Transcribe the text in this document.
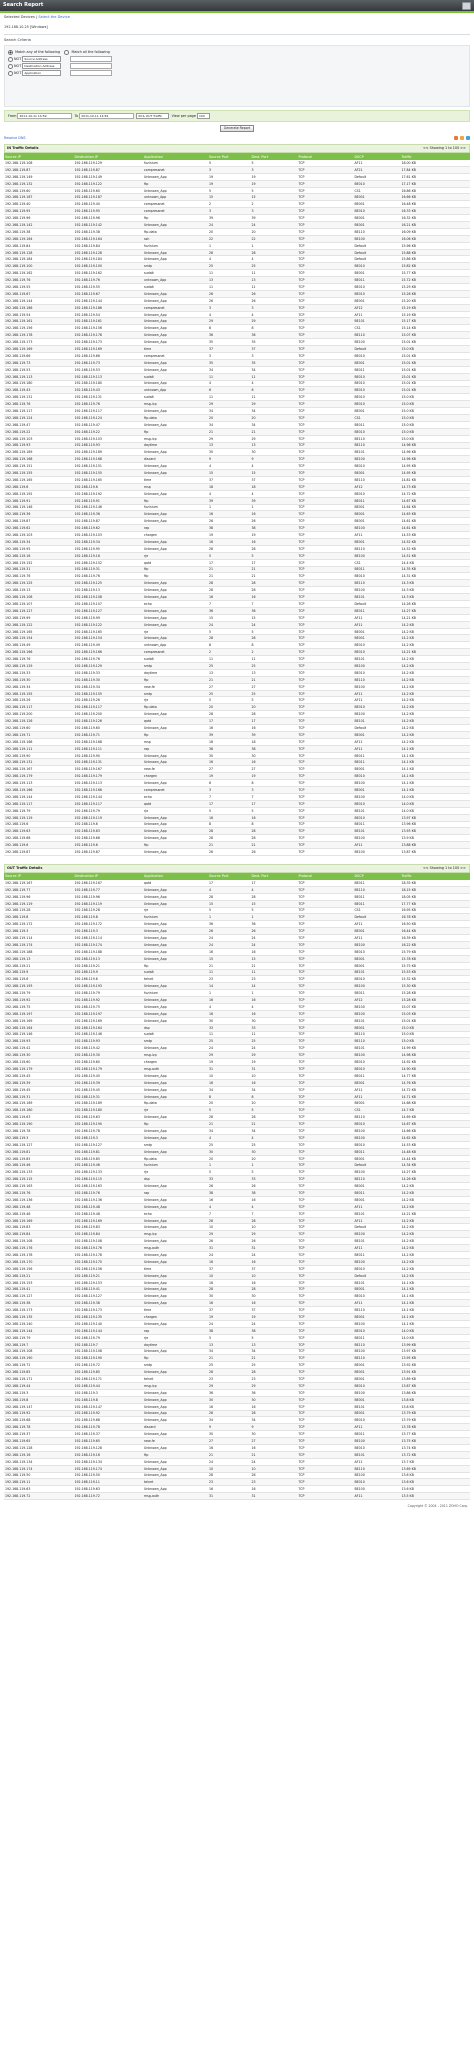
Search Report
Selected Devices | Select the Device
192.168.10.25 [Windows]
Search Criteria
Match any of the following	Match all the following
NOT Source Address
NOT Destination Address
NOT Application
From 2011-10-11 14:59	To 2011-10-11 14:59	IN & OUT Traffic	View per page 100
Generate Report
Resolve DNS

IN Traffic Details	<< Showing 1 to 100 >>
Source IP	Destination IP	Application	Source Port	Dest. Port	Protocol	DSCP	Traffic
192.168.119.108	192.168.119.129	fuzinium	5	5	TCP	AF11	18.00 KB
192.168.119.87	192.168.119.87	compressnet	3	3	TCP	AF21	17.84 KB
192.168.119.149	192.168.119.149	Unknown_App	19	19	TCP	Default	17.61 KB
192.168.119.132	192.168.119.122	ftp	19	19	TCP	BE010	17.17 KB
192.168.119.60	192.168.119.60	Unknown_App	5	5	TCP	CS1	16.86 KB
192.168.119.187	192.168.119.187	unknown_App	15	15	TCP	BE001	16.66 KB
192.168.119.40	192.168.119.40	compressnet	2	2	TCP	BE001	16.48 KB
192.168.119.95	192.168.119.95	compressnet	3	3	TCP	BE010	16.33 KB
192.168.119.96	192.168.119.96	ftp	39	39	TCP	BE001	16.32 KB
192.168.119.142	192.168.119.142	Unknown_App	24	24	TCP	BE001	16.21 KB
192.168.119.38	192.168.119.38	ftp-data	20	20	TCP	BE110	16.09 KB
192.168.119.164	192.168.119.164	ssh	22	22	TCP	BE100	16.06 KB
192.168.119.84	192.168.119.84	fuzinium	1	1	TCP	Default	15.96 KB
192.168.119.128	192.168.119.128	Unknown_App	28	28	TCP	Default	15.88 KB
192.168.119.184	192.168.119.184	Unknown_App	4	4	TCP	Default	15.86 KB
192.168.119.100	192.168.119.100	smtp	25	25	TCP	BE010	15.82 KB
192.168.119.162	192.168.119.162	sudalt	11	11	TCP	BE001	15.77 KB
192.168.119.76	192.168.119.76	unknown_App	13	13	TCP	BE011	15.72 KB
192.168.119.55	192.168.119.55	sudalt	11	11	TCP	BE010	15.29 KB
192.168.119.67	192.168.119.67	Unknown_App	26	26	TCP	BE010	15.28 KB
192.168.119.144	192.168.119.144	Unknown_App	26	26	TCP	BE001	15.20 KB
192.168.119.186	192.168.119.186	compressnet	3	3	TCP	AF12	15.19 KB
192.168.119.54	192.168.119.54	Unknown_App	4	4	TCP	AF11	15.19 KB
192.168.119.161	192.168.119.161	Unknown_App	29	29	TCP	BE101	15.17 KB
192.168.119.156	192.168.119.156	Unknown_App	8	8	TCP	CS1	15.14 KB
192.168.119.178	192.168.119.178	Unknown_App	36	36	TCP	BE110	15.07 KB
192.168.119.173	192.168.119.173	Unknown_App	35	35	TCP	BE100	15.01 KB
192.168.119.169	192.168.119.169	time	37	37	TCP	Default	15.0 KB
192.168.119.66	192.168.119.66	compressnet	3	3	TCP	BE010	15.01 KB
192.168.119.73	192.168.119.73	Unknown_App	35	35	TCP	BE001	15.01 KB
192.168.119.53	192.168.119.53	Unknown_App	34	34	TCP	BE011	15.01 KB
192.168.119.113	192.168.119.113	sudalt	11	11	TCP	BE010	15.01 KB
192.168.119.180	192.168.119.180	Unknown_App	4	4	TCP	BE010	15.01 KB
192.168.119.43	192.168.119.43	unknown_App	6	6	TCP	BE010	15.01 KB
192.168.119.131	192.168.119.131	sudalt	11	11	TCP	BE010	15.0 KB
192.168.119.76	192.168.119.76	msg-icp	29	29	TCP	BE010	15.0 KB
192.168.119.117	192.168.119.117	Unknown_App	34	34	TCP	BE001	15.0 KB
192.168.119.124	192.168.119.124	ftp-data	20	20	TCP	CS1	15.0 KB
192.168.119.47	192.168.119.47	Unknown_App	34	34	TCP	BE011	15.0 KB
192.168.119.22	192.168.119.22	ftp	21	21	TCP	BE010	15.0 KB
192.168.119.103	192.168.119.103	msg-icp	29	29	TCP	BE110	15.0 KB
192.168.119.93	192.168.119.93	daytime	13	13	TCP	BE110	14.98 KB
192.168.119.189	192.168.119.189	Unknown_App	30	30	TCP	BE101	14.96 KB
192.168.119.168	192.168.119.168	discard	9	9	TCP	BE100	14.96 KB
192.168.119.151	192.168.119.151	Unknown_App	4	4	TCP	BE010	14.95 KB
192.168.119.155	192.168.119.155	Unknown_App	15	15	TCP	BE001	14.95 KB
192.168.119.165	192.168.119.165	time	37	37	TCP	BE110	14.81 KB
192.168.119.6	192.168.119.6	msp	18	18	TCP	AF12	14.73 KB
192.168.119.192	192.168.119.192	Unknown_App	4	4	TCP	BE010	14.72 KB
192.168.119.91	192.168.119.91	ftp	39	39	TCP	BE011	14.67 KB
192.168.119.146	192.168.119.146	fuzinium	1	1	TCP	BE001	14.64 KB
192.168.119.36	192.168.119.36	Unknown_App	16	16	TCP	BE001	14.63 KB
192.168.119.87	192.168.119.87	Unknown_App	26	26	TCP	BE001	14.61 KB
192.168.119.62	192.168.119.62	rap	38	38	TCP	BE100	14.61 KB
192.168.119.103	192.168.119.103	chargen	19	19	TCP	AF11	14.53 KB
192.168.119.34	192.168.119.34	Unknown_App	16	16	TCP	BE001	14.52 KB
192.168.119.95	192.168.119.95	Unknown_App	28	28	TCP	BE110	14.52 KB
192.168.119.16	192.168.119.16	rje	5	5	TCP	BE100	14.51 KB
192.168.119.152	192.168.119.152	qotd	17	17	TCP	CS1	14.4 KB
192.168.119.31	192.168.119.31	ftp	21	21	TCP	BE011	14.35 KB
192.168.119.76	192.168.119.76	ftp	21	21	TCP	BE010	14.31 KB
192.168.119.125	192.168.119.125	Unknown_App	28	28	TCP	BE110	14.3 KB
192.168.119.13	192.168.119.13	Unknown_App	28	28	TCP	BE100	14.3 KB
192.168.119.108	192.168.119.108	Unknown_App	16	16	TCP	BE101	14.3 KB
192.168.119.107	192.168.119.107	echo	7	7	TCP	Default	14.28 KB
192.168.119.127	192.168.119.127	Unknown_App	36	36	TCP	BE011	14.27 KB
192.168.119.99	192.168.119.99	Unknown_App	15	15	TCP	AF11	14.21 KB
192.168.119.122	192.168.119.122	Unknown_App	24	24	TCP	AF11	14.2 KB
192.168.119.165	192.168.119.165	rje	5	5	TCP	BE001	14.2 KB
192.168.119.154	192.168.119.154	Unknown_App	28	28	TCP	BE001	14.2 KB
192.168.119.49	192.168.119.49	unknown_App	8	8	TCP	BE010	14.2 KB
192.168.119.166	192.168.119.166	compressnet	2	2	TCP	BE010	14.21 KB
192.168.119.76	192.168.119.76	sudalt	11	11	TCP	BE101	14.2 KB
192.168.119.129	192.168.119.129	smtp	25	25	TCP	BE100	14.2 KB
192.168.119.33	192.168.119.33	daytime	13	13	TCP	BE010	14.2 KB
192.168.119.30	192.168.119.30	ftp	21	21	TCP	BE110	14.2 KB
192.168.119.34	192.168.119.34	new-fe	27	27	TCP	BE100	14.2 KB
192.168.119.155	192.168.119.155	smtp	25	25	TCP	AF11	14.2 KB
192.168.119.26	192.168.119.26	rje	5	5	TCP	AF11	14.2 KB
192.168.119.117	192.168.119.117	ftp-data	20	20	TCP	BE010	14.2 KB
192.168.119.200	192.168.119.200	Unknown_App	28	28	TCP	BE100	14.2 KB
192.168.119.126	192.168.119.126	qotd	17	17	TCP	BE101	14.2 KB
192.168.119.60	192.168.119.60	Unknown_App	16	16	TCP	Default	14.2 KB
192.168.119.71	192.168.119.71	ftp	39	39	TCP	BE001	14.2 KB
192.168.119.168	192.168.119.168	msp	18	18	TCP	AF11	14.2 KB
192.168.119.111	192.168.119.111	rap	38	38	TCP	AF11	14.1 KB
192.168.119.90	192.168.119.90	Unknown_App	30	30	TCP	BE011	14.1 KB
192.168.119.131	192.168.119.131	Unknown_App	16	16	TCP	BE011	14.1 KB
192.168.119.167	192.168.119.167	new-fe	27	27	TCP	BE001	14.1 KB
192.168.119.179	192.168.119.179	chargen	19	19	TCP	BE010	14.1 KB
192.168.119.113	192.168.119.113	Unknown_App	8	8	TCP	BE100	14.1 KB
192.168.119.166	192.168.119.166	compressnet	3	3	TCP	BE001	14.1 KB
192.168.119.144	192.168.119.144	echo	7	7	TCP	BE100	14.0 KB
192.168.119.117	192.168.119.117	qotd	17	17	TCP	BE010	14.0 KB
192.168.119.79	192.168.119.79	rje	5	5	TCP	BE101	14.0 KB
192.168.119.119	192.168.119.119	Unknown_App	16	16	TCP	BE010	13.97 KB
192.168.119.6	192.168.119.6	Unknown_App	8	8	TCP	BE011	13.96 KB
192.168.119.63	192.168.119.63	Unknown_App	28	28	TCP	BE101	13.93 KB
192.168.119.68	192.168.119.68	Unknown_App	28	28	TCP	BE100	13.9 KB
192.168.119.6	192.168.119.6	ftp	21	21	TCP	AF11	13.88 KB
192.168.119.87	192.168.119.87	Unknown_App	26	26	TCP	BE100	13.87 KB
OUT Traffic Details	<< Showing 1 to 100 >>
Source IP	Destination IP	Application	Source Port	Dest. Port	Protocol	DSCP	Traffic
192.168.119.167	192.168.119.167	qotd	17	17	TCP	BE011	18.35 KB
192.168.119.77	192.168.119.77	Unknown_App	4	4	TCP	BE110	18.15 KB
192.168.119.96	192.168.119.96	Unknown_App	28	28	TCP	BE011	18.05 KB
192.168.119.119	192.168.119.119	Unknown_App	15	15	TCP	BE011	17.77 KB
192.168.119.28	192.168.119.28	rje	5	5	TCP	CS1	16.95 KB
192.168.119.8	192.168.119.8	fuzinium	1	1	TCP	Default	16.78 KB
192.168.119.172	192.168.119.172	Unknown_App	36	36	TCP	AF11	16.50 KB
192.168.119.3	192.168.119.3	Unknown_App	26	26	TCP	BE001	16.44 KB
192.168.119.114	192.168.119.114	Unknown_App	24	24	TCP	AF11	16.39 KB
192.168.119.174	192.168.119.174	Unknown_App	24	24	TCP	BE100	16.22 KB
192.168.119.188	192.168.119.188	Unknown_App	16	16	TCP	BE010	15.79 KB
192.168.119.13	192.168.119.13	Unknown_App	15	15	TCP	BE001	15.78 KB
192.168.119.21	192.168.119.21	ftp	21	21	TCP	BE001	15.75 KB
192.168.119.9	192.168.119.9	sudalt	11	11	TCP	BE101	15.53 KB
192.168.119.6	192.168.119.6	telnet	23	23	TCP	BE010	15.32 KB
192.168.119.193	192.168.119.193	Unknown_App	14	14	TCP	BE100	15.30 KB
192.168.119.79	192.168.119.79	fuzinium	1	1	TCP	BE011	15.28 KB
192.168.119.92	192.168.119.92	Unknown_App	16	16	TCP	AF12	15.28 KB
192.168.119.75	192.168.119.75	Unknown_App	4	4	TCP	BE100	15.07 KB
192.168.119.197	192.168.119.197	Unknown_App	16	16	TCP	BE100	15.03 KB
192.168.119.169	192.168.119.169	Unknown_App	30	30	TCP	BE101	15.01 KB
192.168.119.164	192.168.119.164	dsp	33	33	TCP	BE001	15.0 KB
192.168.119.146	192.168.119.146	sudalt	11	11	TCP	BE110	15.0 KB
192.168.119.93	192.168.119.93	smtp	25	25	TCP	BE110	15.0 KB
192.168.119.42	192.168.119.42	Unknown_App	24	24	TCP	BE101	14.99 KB
192.168.119.30	192.168.119.30	msg-icp	29	29	TCP	BE100	14.98 KB
192.168.119.60	192.168.119.60	chargen	19	19	TCP	BE010	14.92 KB
192.168.119.179	192.168.119.179	msg-auth	31	31	TCP	BE010	14.90 KB
192.168.119.45	192.168.119.45	Unknown_App	10	10	TCP	BE011	14.77 KB
192.168.119.39	192.168.119.39	Unknown_App	16	16	TCP	BE001	14.76 KB
192.168.119.45	192.168.119.45	Unknown_App	34	34	TCP	AF11	14.72 KB
192.168.119.31	192.168.119.31	Unknown_App	8	8	TCP	AF11	14.71 KB
192.168.119.189	192.168.119.189	ftp-data	20	20	TCP	BE001	14.68 KB
192.168.119.180	192.168.119.180	rje	5	5	TCP	CS1	14.7 KB
192.168.119.63	192.168.119.63	Unknown_App	28	28	TCP	BE110	14.69 KB
192.168.119.190	192.168.119.190	ftp	21	21	TCP	BE010	14.67 KB
192.168.119.78	192.168.119.78	Unknown_App	34	34	TCP	BE100	14.66 KB
192.168.119.3	192.168.119.3	Unknown_App	4	4	TCP	BE100	14.62 KB
192.168.119.127	192.168.119.127	smtp	25	25	TCP	BE010	14.53 KB
192.168.119.81	192.168.119.81	Unknown_App	30	30	TCP	BE011	14.48 KB
192.168.119.85	192.168.119.85	ftp-data	20	20	TCP	BE001	14.44 KB
192.168.119.46	192.168.119.46	fuzinium	1	1	TCP	Default	14.34 KB
192.168.119.133	192.168.119.133	rje	5	5	TCP	BE100	14.27 KB
192.168.119.115	192.168.119.115	dsp	33	33	TCP	BE110	14.26 KB
192.168.119.163	192.168.119.163	Unknown_App	26	26	TCP	BE001	14.2 KB
192.168.119.76	192.168.119.76	rap	38	38	TCP	BE011	14.2 KB
192.168.119.136	192.168.119.136	Unknown_App	16	16	TCP	BE001	14.2 KB
192.168.119.48	192.168.119.48	Unknown_App	4	4	TCP	AF11	14.2 KB
192.168.119.48	192.168.119.48	echo	7	7	TCP	BE101	14.21 KB
192.168.119.169	192.168.119.169	Unknown_App	28	28	TCP	AF11	14.2 KB
192.168.119.83	192.168.119.83	Unknown_App	10	10	TCP	Default	14.2 KB
192.168.119.84	192.168.119.84	msg-icp	29	29	TCP	BE100	14.2 KB
192.168.119.108	192.168.119.108	Unknown_App	26	26	TCP	BE101	14.2 KB
192.168.119.176	192.168.119.176	msg-auth	31	31	TCP	AF11	14.2 KB
192.168.119.178	192.168.119.178	Unknown_App	24	24	TCP	BE011	14.2 KB
192.168.119.170	192.168.119.170	Unknown_App	16	16	TCP	BE100	14.2 KB
192.168.119.156	192.168.119.156	time	37	37	TCP	BE010	14.2 KB
192.168.119.21	192.168.119.21	Unknown_App	10	10	TCP	Default	14.2 KB
192.168.119.153	192.168.119.153	Unknown_App	16	16	TCP	BE101	14.1 KB
192.168.119.41	192.168.119.41	Unknown_App	28	28	TCP	BE001	14.1 KB
192.168.119.127	192.168.119.127	Unknown_App	30	30	TCP	BE010	14.1 KB
192.168.119.38	192.168.119.38	Unknown_App	16	16	TCP	AF11	14.1 KB
192.168.119.173	192.168.119.173	time	37	37	TCP	BE110	14.1 KB
192.168.119.135	192.168.119.135	chargen	19	19	TCP	BE001	14.1 KB
192.168.119.140	192.168.119.140	Unknown_App	24	24	TCP	BE100	14.1 KB
192.168.119.144	192.168.119.144	rap	38	38	TCP	BE010	14.0 KB
192.168.119.79	192.168.119.79	rje	5	5	TCP	BE011	14.0 KB
192.168.119.7	192.168.119.7	daytime	13	13	TCP	BE110	13.99 KB
192.168.119.108	192.168.119.108	Unknown_App	34	34	TCP	BE100	13.97 KB
192.168.119.190	192.168.119.190	ftp	21	21	TCP	BE110	13.95 KB
192.168.119.72	192.168.119.72	smtp	25	25	TCP	BE001	13.92 KB
192.168.119.85	192.168.119.85	Unknown_App	28	28	TCP	BE001	13.91 KB
192.168.119.171	192.168.119.171	telnet	23	23	TCP	BE001	13.89 KB
192.168.119.44	192.168.119.44	msg-icp	29	29	TCP	BE010	13.87 KB
192.168.119.3	192.168.119.3	Unknown_App	36	36	TCP	BE100	13.86 KB
192.168.119.8	192.168.119.8	Unknown_App	30	30	TCP	BE001	13.8 KB
192.168.119.147	192.168.119.147	Unknown_App	16	16	TCP	BE101	13.8 KB
192.168.119.92	192.168.119.92	Unknown_App	28	28	TCP	BE001	13.79 KB
192.168.119.68	192.168.119.68	Unknown_App	34	34	TCP	BE010	13.79 KB
192.168.119.78	192.168.119.78	discard	9	9	TCP	AF11	13.78 KB
192.168.119.37	192.168.119.37	Unknown_App	30	30	TCP	BE011	13.77 KB
192.168.119.65	192.168.119.65	new-fe	27	27	TCP	BE100	13.75 KB
192.168.119.128	192.168.119.128	Unknown_App	16	16	TCP	BE010	13.74 KB
192.168.119.16	192.168.119.16	ftp	21	21	TCP	BE101	13.72 KB
192.168.119.134	192.168.119.134	Unknown_App	24	24	TCP	AF11	13.7 KB
192.168.119.174	192.168.119.174	Unknown_App	10	10	TCP	BE110	13.69 KB
192.168.119.50	192.168.119.50	Unknown_App	28	28	TCP	BE100	13.6 KB
192.168.119.11	192.168.119.11	telnet	23	23	TCP	BE010	13.6 KB
192.168.119.63	192.168.119.63	Unknown_App	16	16	TCP	BE100	13.6 KB
192.168.119.72	192.168.119.72	msg-auth	31	31	TCP	AF11	13.5 KB
Copyright © 2004 - 2011 ZOHO Corp.
